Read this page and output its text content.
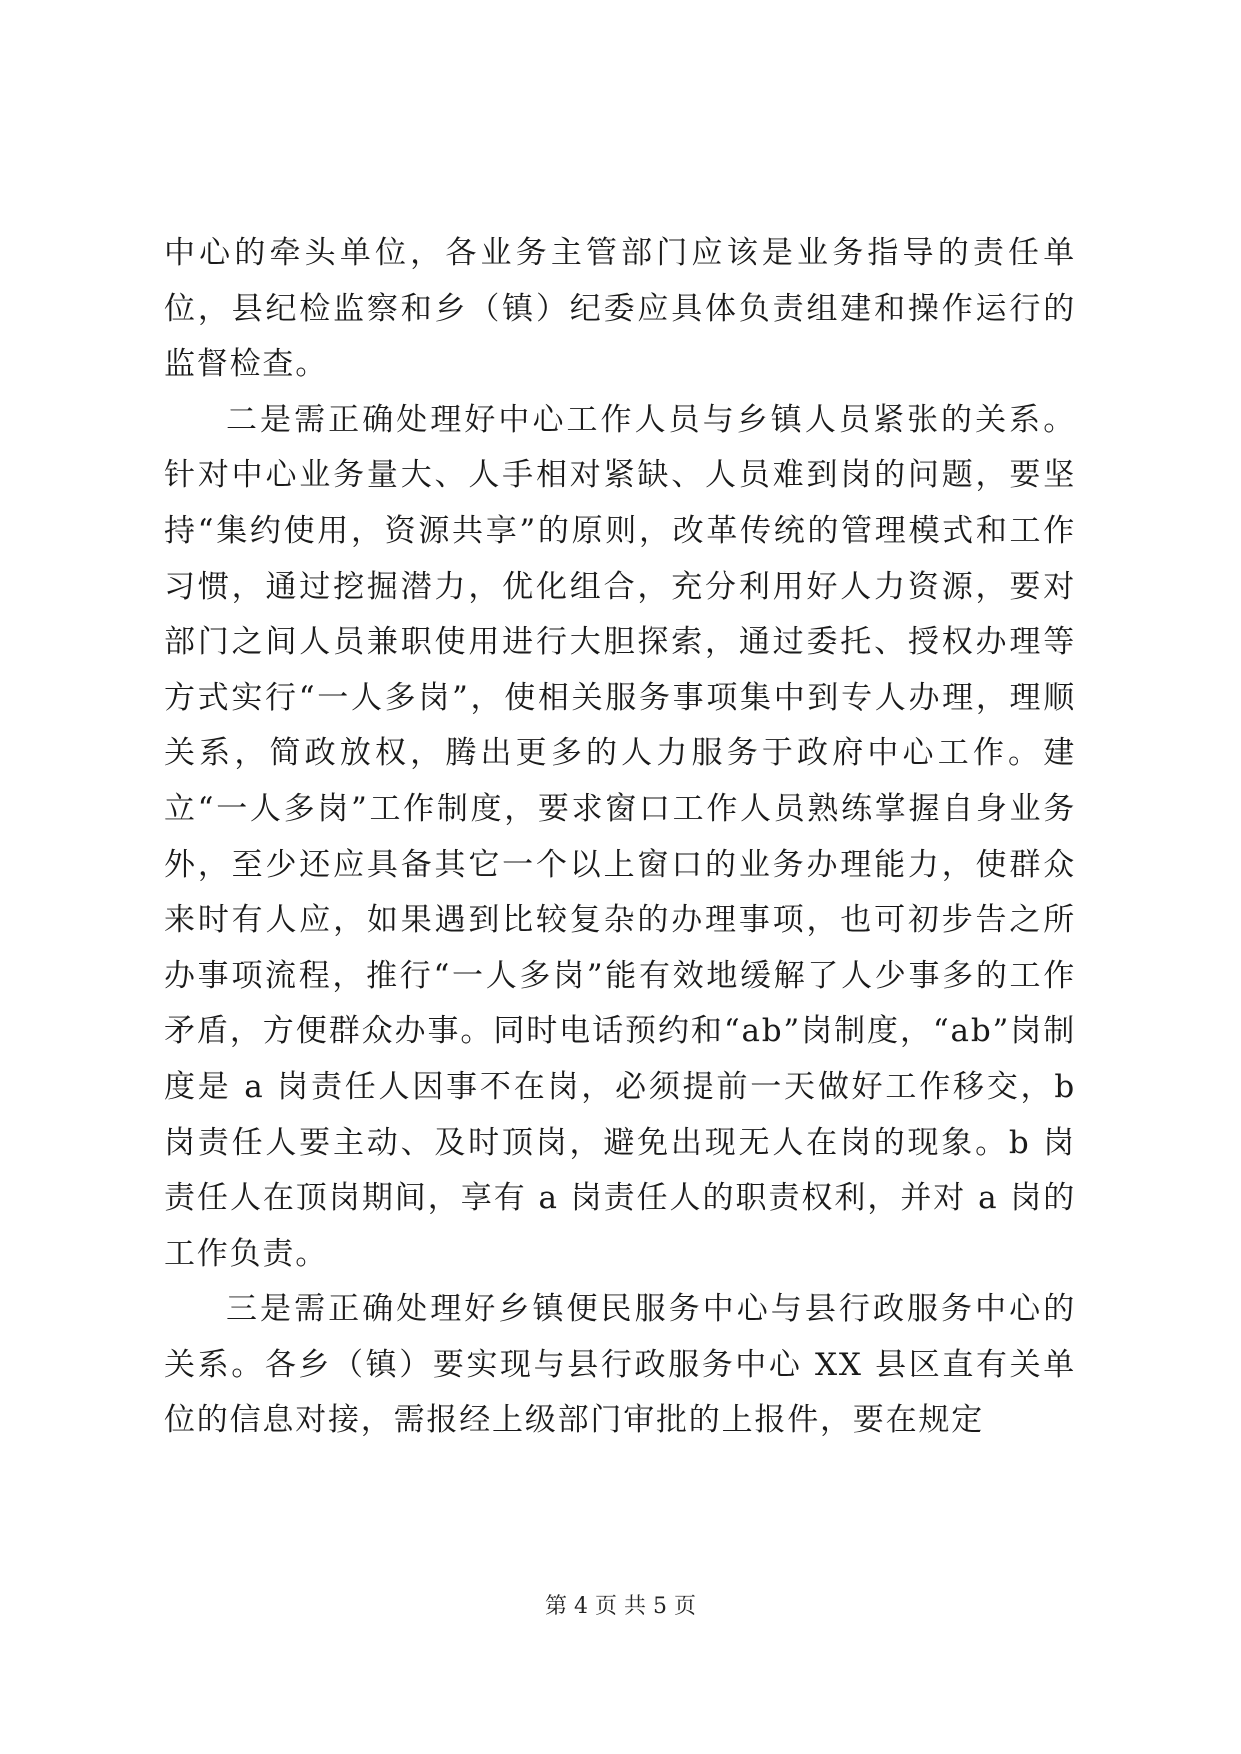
中心的牵头单位，各业务主管部门应该是业务指导的责任单位，县纪检监察和乡（镇）纪委应具体负责组建和操作运行的监督检查。

二是需正确处理好中心工作人员与乡镇人员紧张的关系。针对中心业务量大、人手相对紧缺、人员难到岗的问题，要坚持“集约使用，资源共享”的原则，改革传统的管理模式和工作习惯，通过挖掘潜力，优化组合，充分利用好人力资源，要对部门之间人员兼职使用进行大胆探索，通过委托、授权办理等方式实行“一人多岗”，使相关服务事项集中到专人办理，理顺关系，简政放权，腾出更多的人力服务于政府中心工作。建立“一人多岗”工作制度，要求窗口工作人员熟练掌握自身业务外，至少还应具备其它一个以上窗口的业务办理能力，使群众来时有人应，如果遇到比较复杂的办理事项，也可初步告之所办事项流程，推行“一人多岗”能有效地缓解了人少事多的工作矛盾，方便群众办事。同时电话预约和“ab”岗制度，“ab”岗制度是 a 岗责任人因事不在岗，必须提前一天做好工作移交，b 岗责任人要主动、及时顶岗，避免出现无人在岗的现象。b 岗责任人在顶岗期间，享有 a 岗责任人的职责权利，并对 a 岗的工作负责。

三是需正确处理好乡镇便民服务中心与县行政服务中心的关系。各乡（镇）要实现与县行政服务中心 XX 县区直有关单位的信息对接，需报经上级部门审批的上报件，要在规定

第 4 页 共 5 页
